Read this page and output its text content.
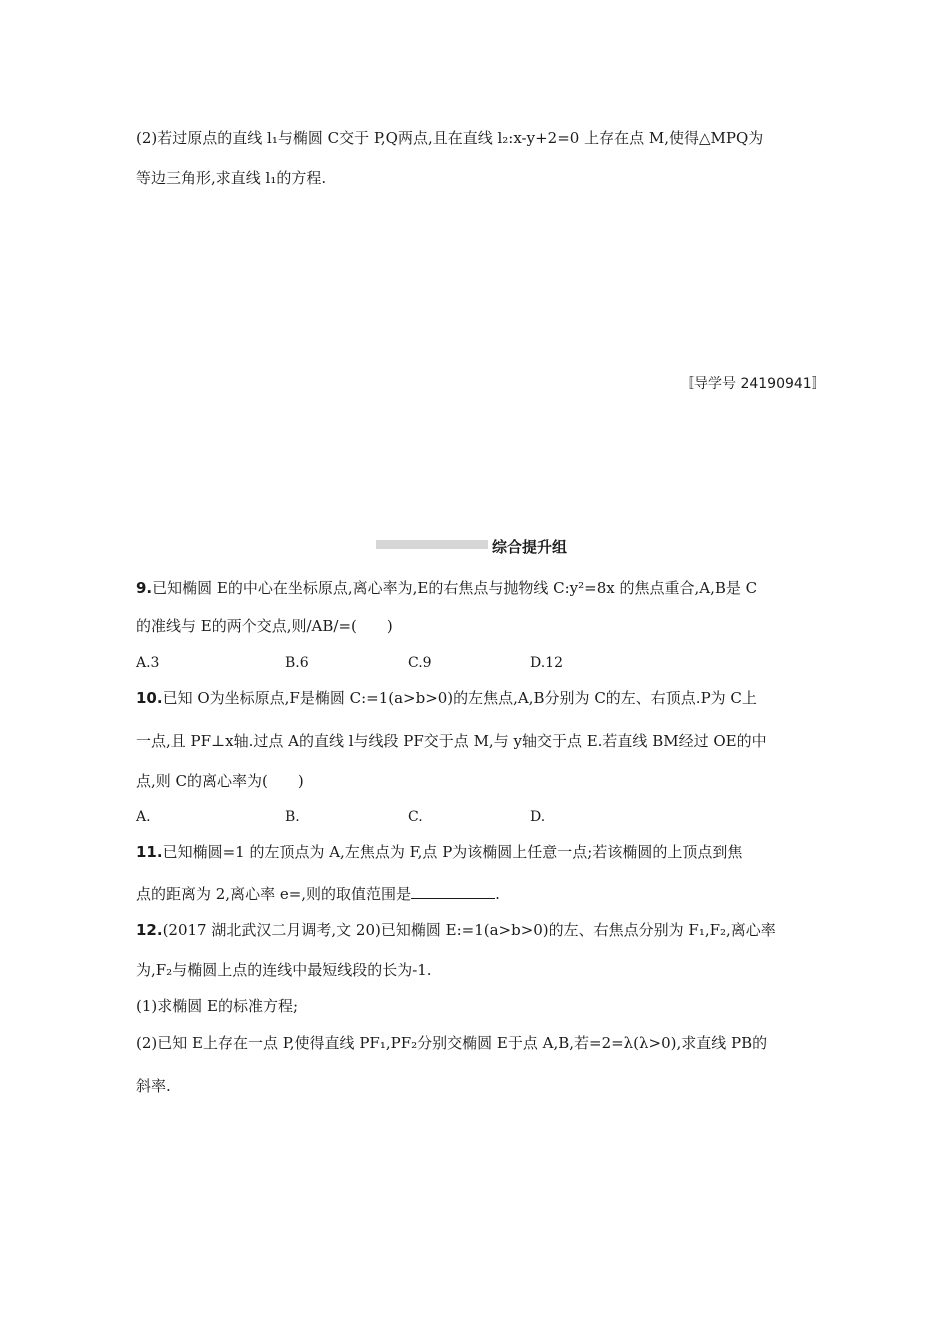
(2)若过原点的直线 l₁与椭圆 C交于 P,Q两点,且在直线 l₂:x-y+2=0 上存在点 M,使得△MPQ为
等边三角形,求直线 l₁的方程.
〚导学号 24190941〛
综合提升组
9.已知椭圆 E的中心在坐标原点,离心率为,E的右焦点与抛物线 C:y²=8x 的焦点重合,A,B是 C
的准线与 E的两个交点,则/AB/=(　　)
A.3	B.6	C.9	D.12
10.已知 O为坐标原点,F是椭圆 C:=1(a>b>0)的左焦点,A,B分别为 C的左、右顶点.P为 C上
一点,且 PF⊥x轴.过点 A的直线 l与线段 PF交于点 M,与 y轴交于点 E.若直线 BM经过 OE的中
点,则 C的离心率为(　　)
A.	B.	C.	D.
11.已知椭圆=1 的左顶点为 A,左焦点为 F,点 P为该椭圆上任意一点;若该椭圆的上顶点到焦
点的距离为 2,离心率 e=,则的取值范围是	.
12.(2017 湖北武汉二月调考,文 20)已知椭圆 E:=1(a>b>0)的左、右焦点分别为 F₁,F₂,离心率
为,F₂与椭圆上点的连线中最短线段的长为-1.
(1)求椭圆 E的标准方程;
(2)已知 E上存在一点 P,使得直线 PF₁,PF₂分别交椭圆 E于点 A,B,若=2=λ(λ>0),求直线 PB的
斜率.
